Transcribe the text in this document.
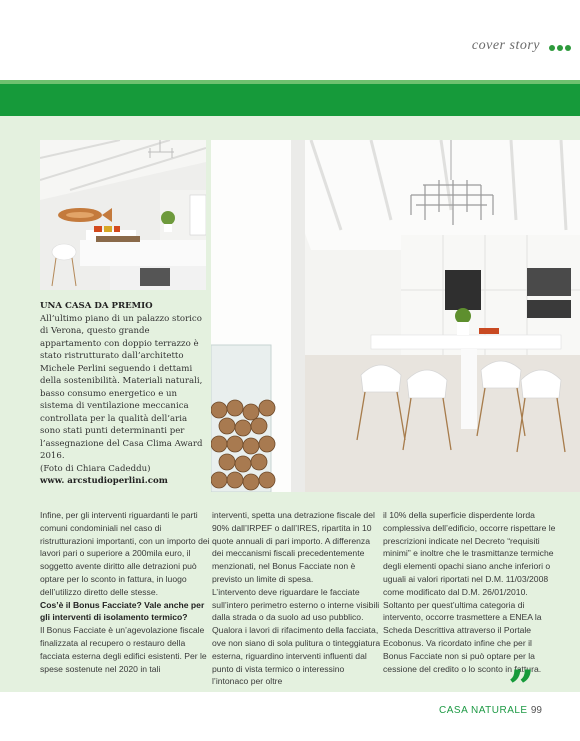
cover story
UNA CASA DA PREMIO
All’ultimo piano di un palazzo storico di Verona, questo grande appartamento con doppio terrazzo è stato ristrutturato dall’architetto Michele Perlini seguendo i dettami della sostenibilità. Materiali naturali, basso consumo energetico e un sistema di ventilazione meccanica controllata per la qualità dell’aria sono stati punti determinanti per l’assegnazione del Casa Clima Award 2016.
(Foto di Chiara Cadeddu)
www. arcstudioperlini.com

Infine, per gli interventi riguardanti le parti comuni condominiali nel caso di ristrutturazioni importanti, con un importo dei lavori pari o superiore a 200mila euro, il soggetto avente diritto alle detrazioni può optare per lo sconto in fattura, in luogo dell’utilizzo diretto delle stesse.

Cos’è il Bonus Facciate? Vale anche per gli interventi di isolamento termico?

Il Bonus Facciate è un’agevolazione fiscale finalizzata al recupero o restauro della facciata esterna degli edifici esistenti. Per le spese sostenute nel 2020 in tali

interventi, spetta una detrazione fiscale del 90% dall’IRPEF o dall’IRES, ripartita in 10 quote annuali di pari importo. A differenza dei meccanismi fiscali precedentemente menzionati, nel Bonus Facciate non è previsto un limite di spesa.

L’intervento deve riguardare le facciate sull’intero perimetro esterno o interne visibili dalla strada o da suolo ad uso pubblico. Qualora i lavori di rifacimento della facciata, ove non siano di sola pulitura o tinteggiatura esterna, riguardino interventi influenti dal punto di vista termico o interessino l’intonaco per oltre

il 10% della superficie disperdente lorda complessiva dell’edificio, occorre rispettare le prescrizioni indicate nel Decreto “requisiti minimi” e inoltre che le trasmittanze termiche degli elementi opachi siano anche inferiori o uguali ai valori riportati nel D.M. 11/03/2008 come modificato dal D.M. 26/01/2010. Soltanto per quest’ultima categoria di intervento, occorre trasmettere a ENEA la Scheda Descrittiva attraverso il Portale Ecobonus. Va ricordato infine che per il Bonus Facciate non si può optare per la cessione del credito o lo sconto in fattura.

”
CASA NATURALE 99
